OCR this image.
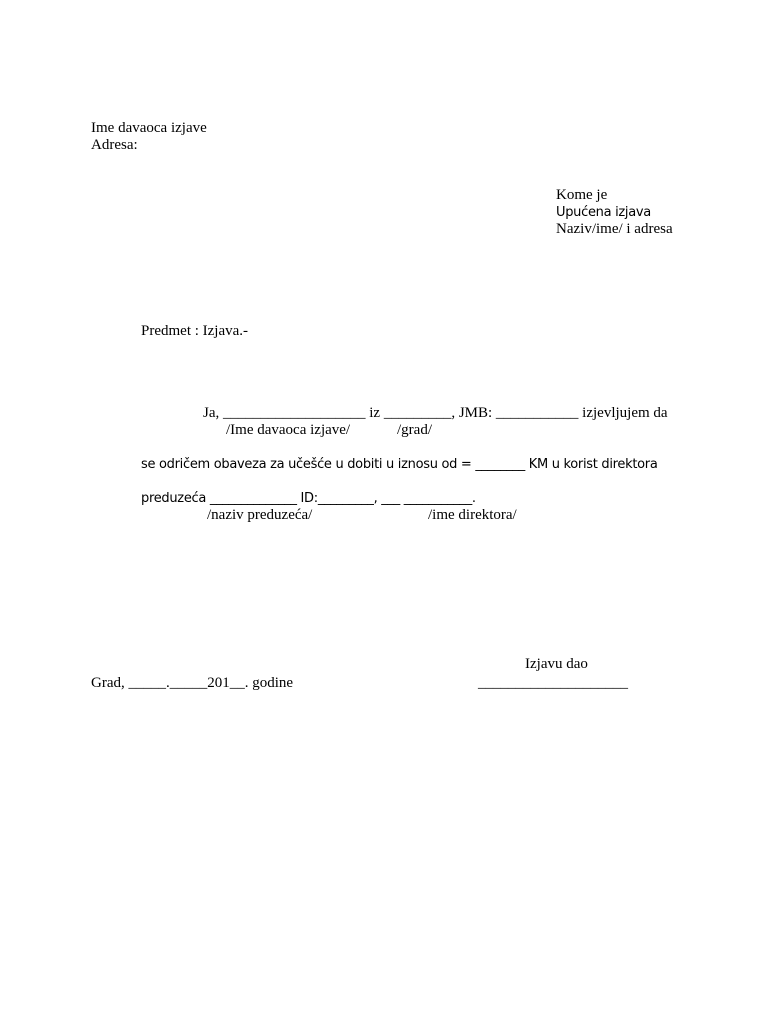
Ime davaoca izjave
Adresa:
Kome je
Upućena izjava
Naziv/ime/ i adresa
Predmet : Izjava.-
Ja, ___________________ iz _________, JMB: ___________ izjevljujem da
/Ime davaoca izjave/	/grad/
se odričem obaveza za učešće u dobiti u iznosu od = ________ KM u korist direktora
preduzeća ______________ ID:_________, ___ ___________.
/naziv preduzeća/	/ime direktora/
Izjavu dao
Grad, _____._____201__. godine	____________________
